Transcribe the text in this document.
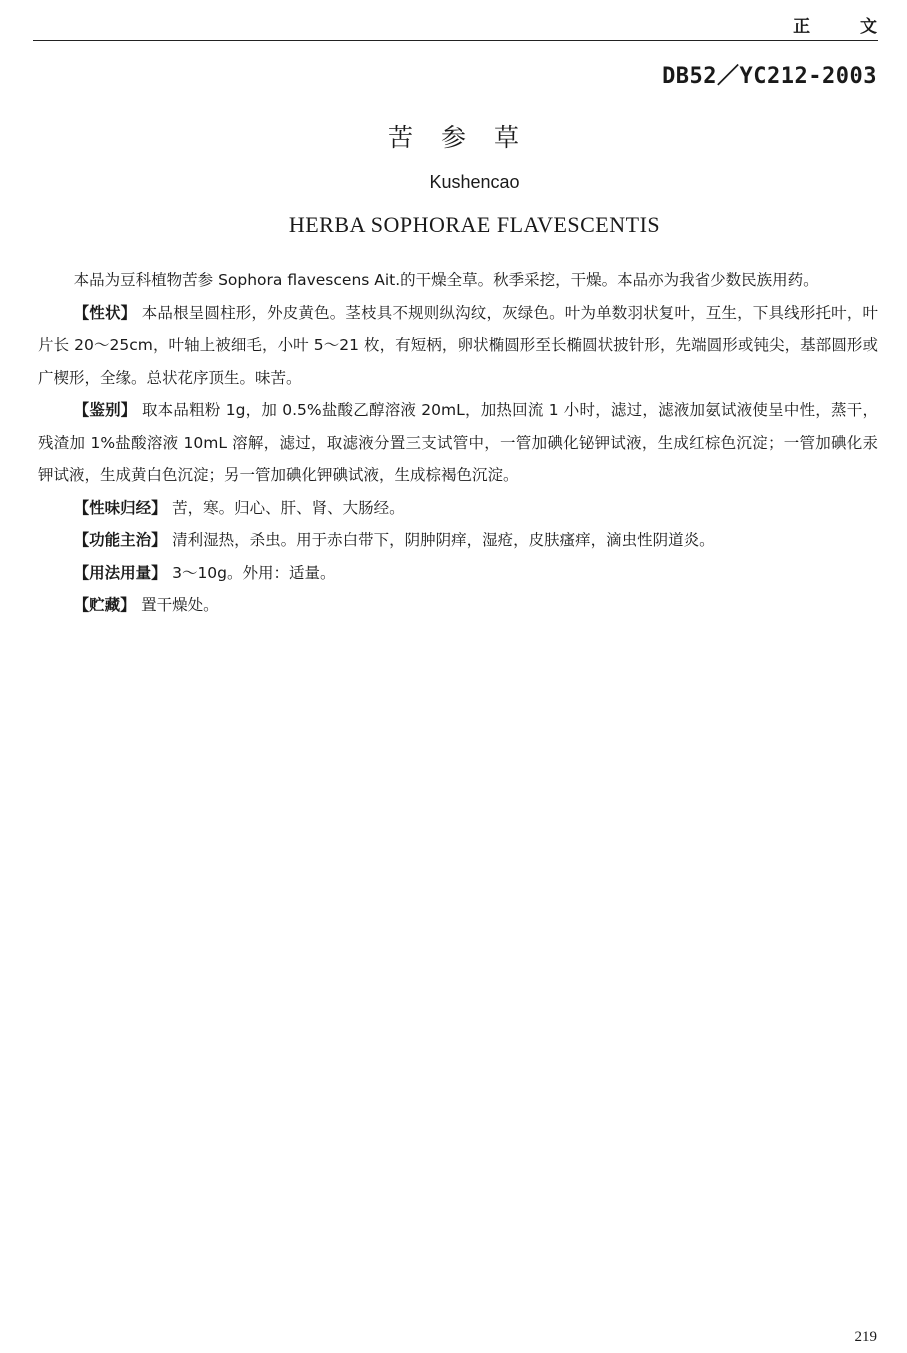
正 文
DB52／YC212-2003
苦参草
Kushencao
HERBA SOPHORAE FLAVESCENTIS

本品为豆科植物苦参 Sophora flavescens Ait.的干燥全草。秋季采挖，干燥。本品亦为我省少数民族用药。

【性状】 本品根呈圆柱形，外皮黄色。茎枝具不规则纵沟纹，灰绿色。叶为单数羽状复叶，互生，下具线形托叶，叶片长 20～25cm，叶轴上被细毛，小叶 5～21 枚，有短柄，卵状椭圆形至长椭圆状披针形，先端圆形或钝尖，基部圆形或广楔形，全缘。总状花序顶生。味苦。

【鉴别】 取本品粗粉 1g，加 0.5%盐酸乙醇溶液 20mL，加热回流 1 小时，滤过，滤液加氨试液使呈中性，蒸干，残渣加 1%盐酸溶液 10mL 溶解，滤过，取滤液分置三支试管中，一管加碘化铋钾试液，生成红棕色沉淀；一管加碘化汞钾试液，生成黄白色沉淀；另一管加碘化钾碘试液，生成棕褐色沉淀。

【性味归经】 苦，寒。归心、肝、肾、大肠经。

【功能主治】 清利湿热，杀虫。用于赤白带下，阴肿阴痒，湿疮，皮肤瘙痒，滴虫性阴道炎。

【用法用量】 3～10g。外用：适量。

【贮藏】 置干燥处。

219
